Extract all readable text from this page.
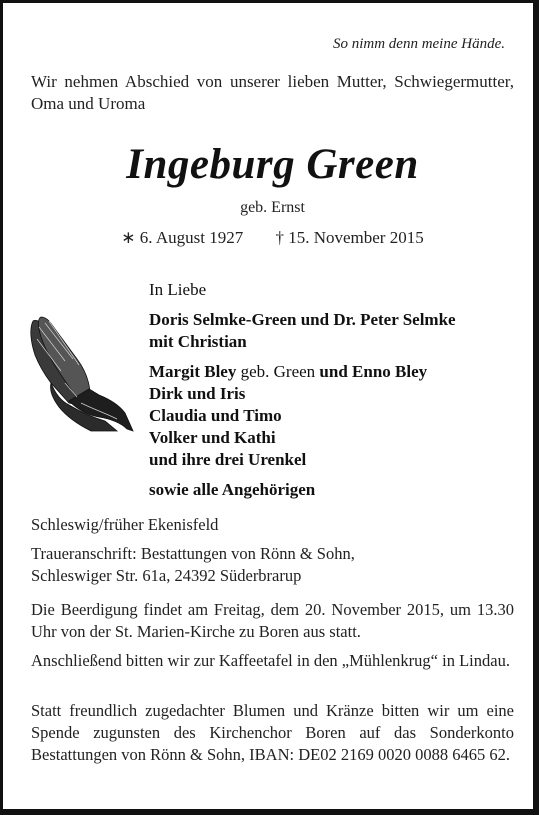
So nimm denn meine Hände.
Wir nehmen Abschied von unserer lieben Mutter, Schwiegermutter, Oma und Uroma
Ingeburg Green
geb. Ernst
∗ 6. August 1927 † 15. November 2015
In Liebe
Doris Selmke-Green und Dr. Peter Selmke
mit Christian
Margit Bley geb. Green und Enno Bley
Dirk und Iris
Claudia und Timo
Volker und Kathi
und ihre drei Urenkel
sowie alle Angehörigen
Schleswig/früher Ekenisfeld
Traueranschrift: Bestattungen von Rönn & Sohn,
Schleswiger Str. 61a, 24392 Süderbrarup
Die Beerdigung findet am Freitag, dem 20. November 2015, um 13.30 Uhr von der St. Marien-Kirche zu Boren aus statt.
Anschließend bitten wir zur Kaffeetafel in den „Mühlenkrug“ in Lindau.
Statt freundlich zugedachter Blumen und Kränze bitten wir um eine Spende zugunsten des Kirchenchor Boren auf das Sonderkonto Bestattungen von Rönn & Sohn, IBAN: DE02 2169 0020 0088 6465 62.
